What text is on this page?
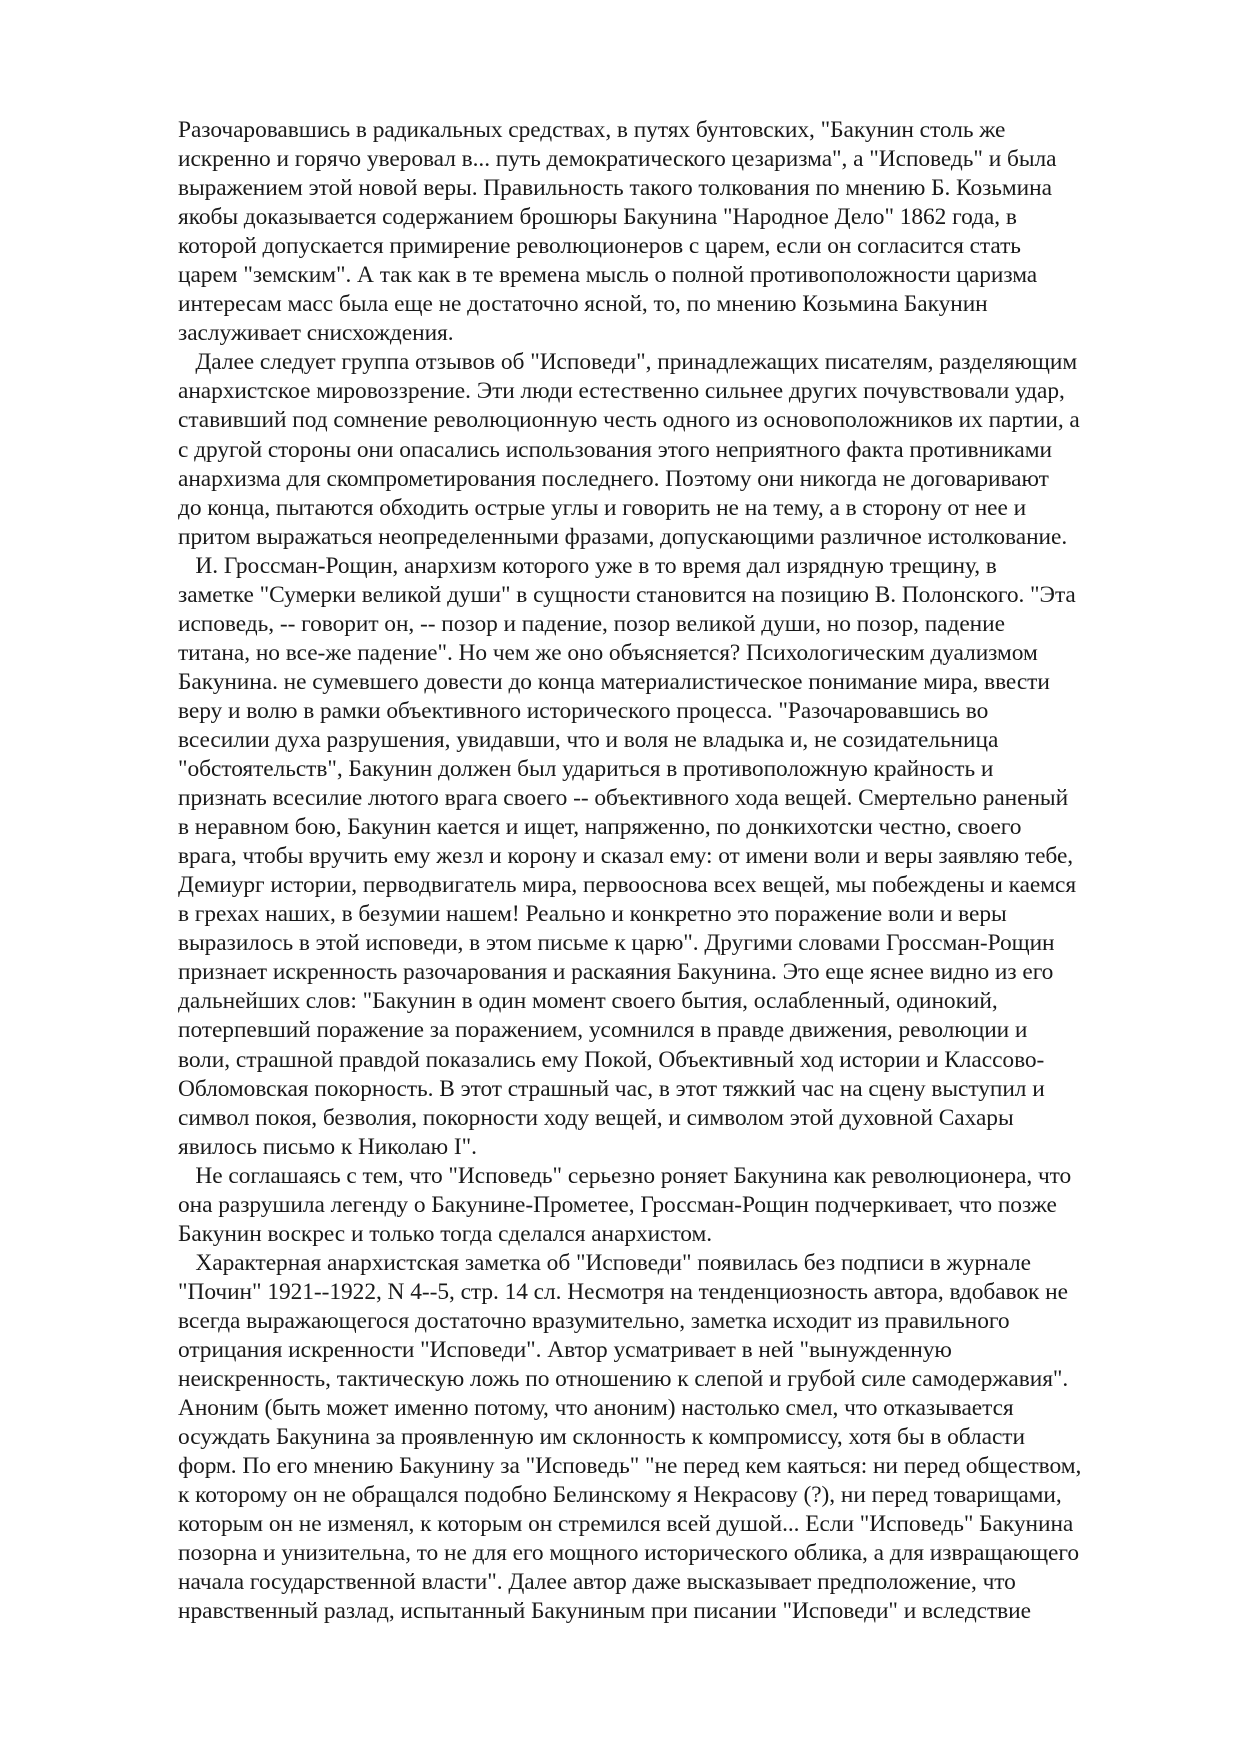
Разочаровавшись в радикальных средствах, в путях бунтовских, "Бакунин столь же
искренно и горячо уверовал в... путь демократического цезаризма", а "Исповедь" и была
выражением этой новой веры. Правильность такого толкования по мнению Б. Козьмина
якобы доказывается содержанием брошюры Бакунина "Народное Дело" 1862 года, в
которой допускается примирение революционеров с царем, если он согласится стать
царем "земским". А так как в те времена мысль о полной противоположности царизма
интересам масс была еще не достаточно ясной, то, по мнению Козьмина Бакунин
заслуживает снисхождения.
Далее следует группа отзывов об "Исповеди", принадлежащих писателям, разделяющим
анархистское мировоззрение. Эти люди естественно сильнее других почувствовали удар,
ставивший под сомнение революционную честь одного из основоположников их партии, а
с другой стороны они опасались использования этого неприятного факта противниками
анархизма для скомпрометирования последнего. Поэтому они никогда не договаривают
до конца, пытаются обходить острые углы и говорить не на тему, а в сторону от нее и
притом выражаться неопределенными фразами, допускающими различное истолкование.
И. Гроссман-Рощин, анархизм которого уже в то время дал изрядную трещину, в
заметке "Сумерки великой души" в сущности становится на позицию В. Полонского. "Эта
исповедь, -- говорит он, -- позор и падение, позор великой души, но позор, падение
титана, но все-же падение". Но чем же оно объясняется? Психологическим дуализмом
Бакунина. не сумевшего довести до конца материалистическое понимание мира, ввести
веру и волю в рамки объективного исторического процесса. "Разочаровавшись во
всесилии духа разрушения, увидавши, что и воля не владыка и, не созидательница
"обстоятельств", Бакунин должен был удариться в противоположную крайность и
признать всесилие лютого врага своего -- объективного хода вещей. Смертельно раненый
в неравном бою, Бакунин кается и ищет, напряженно, по донкихотски честно, своего
врага, чтобы вручить ему жезл и корону и сказал ему: от имени воли и веры заявляю тебе,
Демиург истории, перводвигатель мира, первооснова всех вещей, мы побеждены и каемся
в грехах наших, в безумии нашем! Реально и конкретно это поражение воли и веры
выразилось в этой исповеди, в этом письме к царю". Другими словами Гроссман-Рощин
признает искренность разочарования и раскаяния Бакунина. Это еще яснее видно из его
дальнейших слов: "Бакунин в один момент своего бытия, ослабленный, одинокий,
потерпевший поражение за поражением, усомнился в правде движения, революции и
воли, страшной правдой показались ему Покой, Объективный ход истории и Классово-
Обломовская покорность. В этот страшный час, в этот тяжкий час на сцену выступил и
символ покоя, безволия, покорности ходу вещей, и символом этой духовной Сахары
явилось письмо к Николаю I".
Не соглашаясь с тем, что "Исповедь" серьезно роняет Бакунина как революционера, что
она разрушила легенду о Бакунине-Прометее, Гроссман-Рощин подчеркивает, что позже
Бакунин воскрес и только тогда сделался анархистом.
Характерная анархистская заметка об "Исповеди" появилась без подписи в журнале
"Почин" 1921--1922, N 4--5, стр. 14 сл. Несмотря на тенденциозность автора, вдобавок не
всегда выражающегося достаточно вразумительно, заметка исходит из правильного
отрицания искренности "Исповеди". Автор усматривает в ней "вынужденную
неискренность, тактическую ложь по отношению к слепой и грубой силе самодержавия".
Аноним (быть может именно потому, что аноним) настолько смел, что отказывается
осуждать Бакунина за проявленную им склонность к компромиссу, хотя бы в области
форм. По его мнению Бакунину за "Исповедь" "не перед кем каяться: ни перед обществом,
к которому он не обращался подобно Белинскому я Некрасову (?), ни перед товарищами,
которым он не изменял, к которым он стремился всей душой... Если "Исповедь" Бакунина
позорна и унизительна, то не для его мощного исторического облика, а для извращающего
начала государственной власти". Далее автор даже высказывает предположение, что
нравственный разлад, испытанный Бакуниным при писании "Исповеди" и вследствие
